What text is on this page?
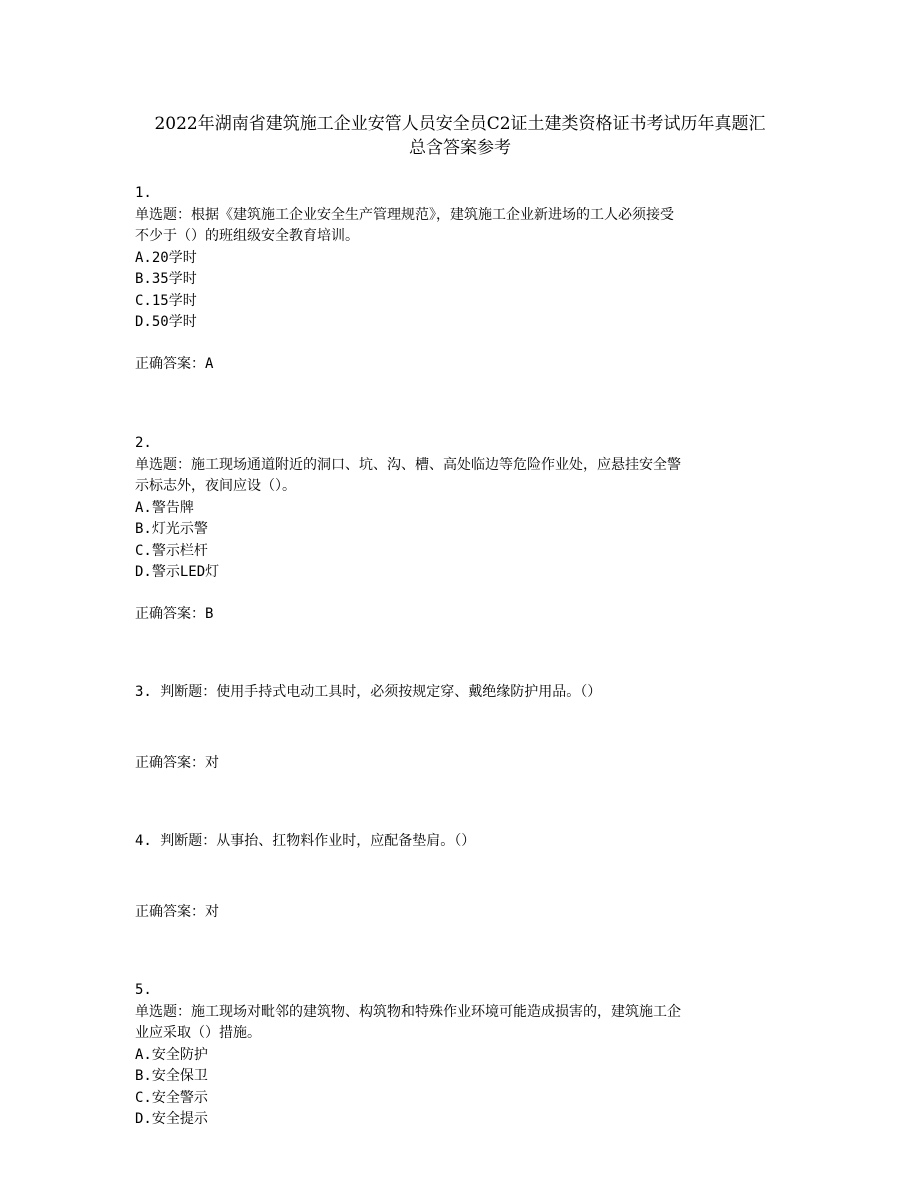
2022年湖南省建筑施工企业安管人员安全员C2证土建类资格证书考试历年真题汇
总含答案参考
1.
单选题：根据《建筑施工企业安全生产管理规范》，建筑施工企业新进场的工人必须接受
不少于（）的班组级安全教育培训。
A.20学时
B.35学时
C.15学时
D.50学时
正确答案：A
2.
单选题：施工现场通道附近的洞口、坑、沟、槽、高处临边等危险作业处，应悬挂安全警
示标志外，夜间应设（）。
A.警告牌
B.灯光示警
C.警示栏杆
D.警示LED灯
正确答案：B
3. 判断题：使用手持式电动工具时，必须按规定穿、戴绝缘防护用品。（）
正确答案：对
4. 判断题：从事抬、扛物料作业时，应配备垫肩。（）
正确答案：对
5.
单选题：施工现场对毗邻的建筑物、构筑物和特殊作业环境可能造成损害的，建筑施工企
业应采取（）措施。
A.安全防护
B.安全保卫
C.安全警示
D.安全提示
